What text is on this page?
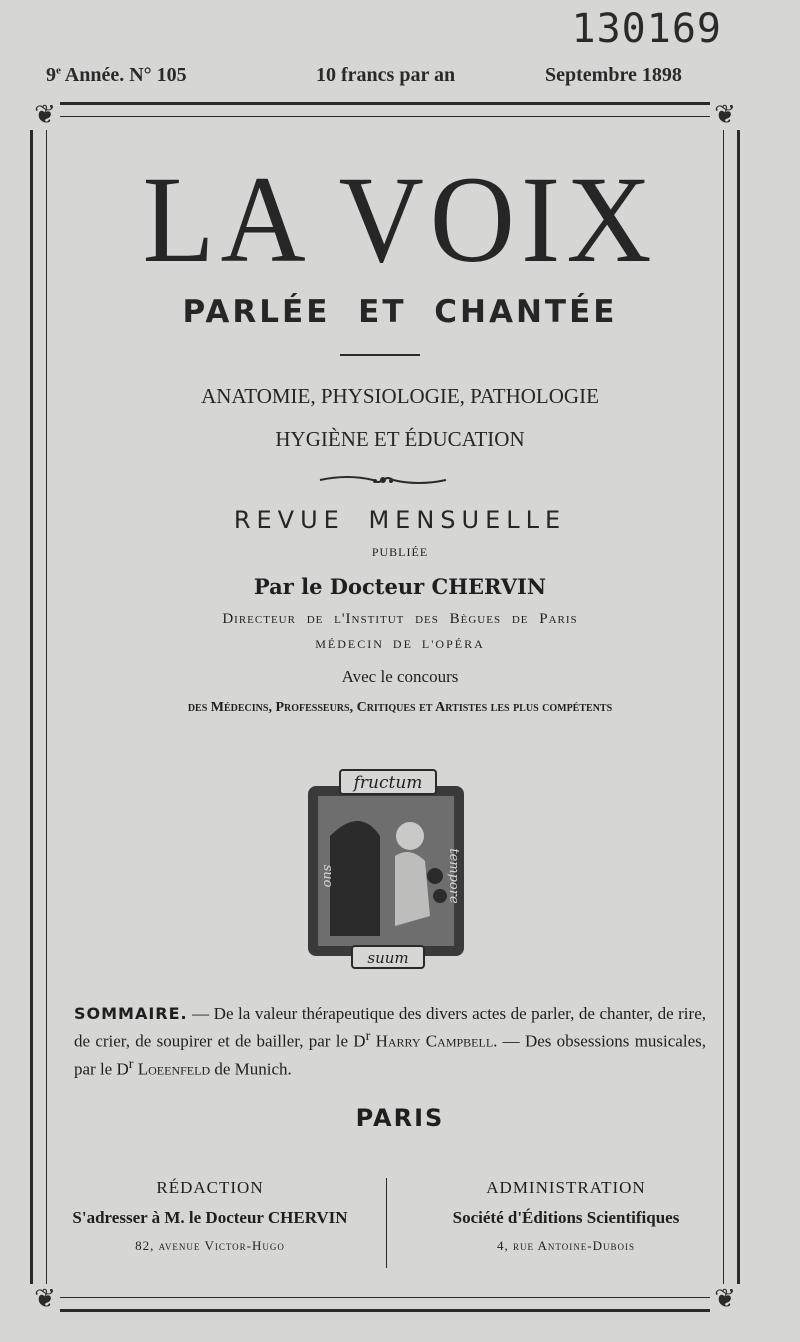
130169
9e Année. N° 105	10 francs par an	Septembre 1898
❦	❦
❦	❦
LA VOIX
PARLÉE ET CHANTÉE
ANATOMIE, PHYSIOLOGIE, PATHOLOGIE
HYGIÈNE ET ÉDUCATION
REVUE MENSUELLE
PUBLIÉE
Par le Docteur CHERVIN
Directeur de l'Institut des Bègues de Paris
MÉDECIN DE L'OPÉRA
Avec le concours
des Médecins, Professeurs, Critiques et Artistes les plus compétents
fructum
suum
suo	tempore
SOMMAIRE. — De la valeur thérapeutique des divers actes de parler, de chanter, de rire, de crier, de soupirer et de bailler, par le $D^r$ Harry Campbell. — Des obsessions musicales, par le $D^r$ Loeenfeld de Munich.
PARIS
RÉDACTION
S'adresser à M. le Docteur CHERVIN
82, avenue Victor-Hugo
ADMINISTRATION
Société d'Éditions Scientifiques
4, rue Antoine-Dubois
